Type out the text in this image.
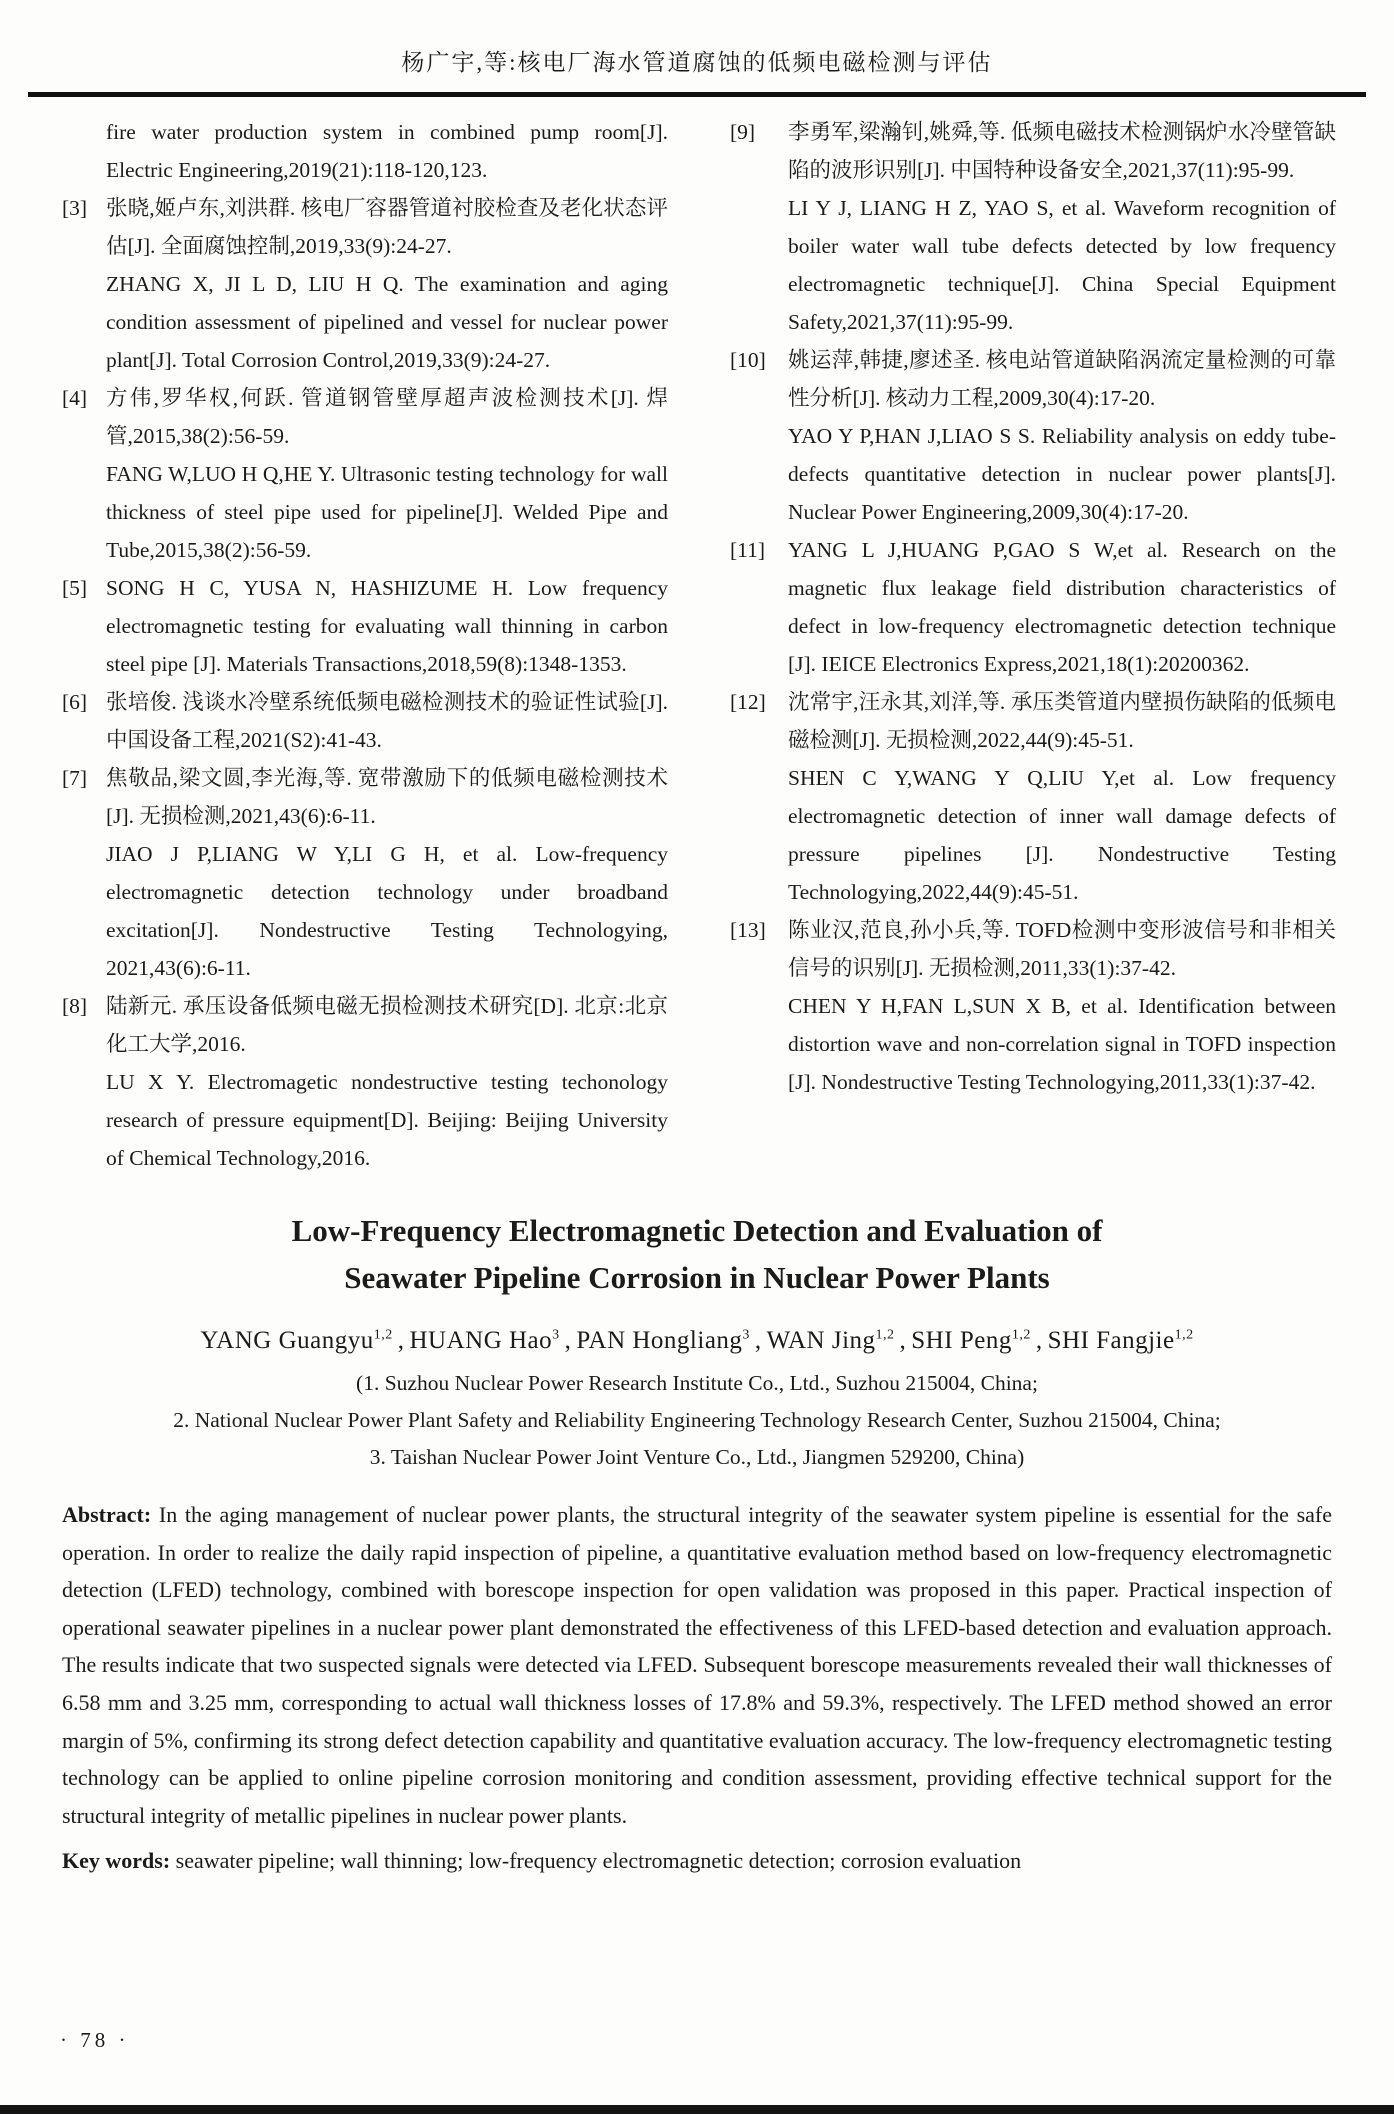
杨广宇,等:核电厂海水管道腐蚀的低频电磁检测与评估

fire water production system in combined pump room[J]. Electric Engineering,2019(21):118-120,123.

[3] 张晓,姬卢东,刘洪群. 核电厂容器管道衬胶检查及老化状态评估[J]. 全面腐蚀控制,2019,33(9):24-27.

ZHANG X, JI L D, LIU H Q. The examination and aging condition assessment of pipelined and vessel for nuclear power plant[J]. Total Corrosion Control,2019,33(9):24-27.

[4] 方伟,罗华权,何跃. 管道钢管壁厚超声波检测技术[J]. 焊管,2015,38(2):56-59.

FANG W,LUO H Q,HE Y. Ultrasonic testing technology for wall thickness of steel pipe used for pipeline[J]. Welded Pipe and Tube,2015,38(2):56-59.

[5] SONG H C, YUSA N, HASHIZUME H. Low frequency electromagnetic testing for evaluating wall thinning in carbon steel pipe [J]. Materials Transactions,2018,59(8):1348-1353.

[6] 张培俊. 浅谈水冷壁系统低频电磁检测技术的验证性试验[J]. 中国设备工程,2021(S2):41-43.

[7] 焦敬品,梁文圆,李光海,等. 宽带激励下的低频电磁检测技术[J]. 无损检测,2021,43(6):6-11.

JIAO J P,LIANG W Y,LI G H, et al. Low-frequency electromagnetic detection technology under broadband excitation[J]. Nondestructive Testing Technologying, 2021,43(6):6-11.

[8] 陆新元. 承压设备低频电磁无损检测技术研究[D]. 北京:北京化工大学,2016.

LU X Y. Electromagetic nondestructive testing techonology research of pressure equipment[D]. Beijing: Beijing University of Chemical Technology,2016.

[9] 李勇军,梁瀚钊,姚舜,等. 低频电磁技术检测锅炉水冷壁管缺陷的波形识别[J]. 中国特种设备安全,2021,37(11):95-99.

LI Y J, LIANG H Z, YAO S, et al. Waveform recognition of boiler water wall tube defects detected by low frequency electromagnetic technique[J]. China Special Equipment Safety,2021,37(11):95-99.

[10] 姚运萍,韩捷,廖述圣. 核电站管道缺陷涡流定量检测的可靠性分析[J]. 核动力工程,2009,30(4):17-20.

YAO Y P,HAN J,LIAO S S. Reliability analysis on eddy tube-defects quantitative detection in nuclear power plants[J]. Nuclear Power Engineering,2009,30(4):17-20.

[11] YANG L J,HUANG P,GAO S W,et al. Research on the magnetic flux leakage field distribution characteristics of defect in low-frequency electromagnetic detection technique [J]. IEICE Electronics Express,2021,18(1):20200362.

[12] 沈常宇,汪永其,刘洋,等. 承压类管道内壁损伤缺陷的低频电磁检测[J]. 无损检测,2022,44(9):45-51.

SHEN C Y,WANG Y Q,LIU Y,et al. Low frequency electromagnetic detection of inner wall damage defects of pressure pipelines [J]. Nondestructive Testing Technologying,2022,44(9):45-51.

[13] 陈业汉,范良,孙小兵,等. TOFD检测中变形波信号和非相关信号的识别[J]. 无损检测,2011,33(1):37-42.

CHEN Y H,FAN L,SUN X B, et al. Identification between distortion wave and non-correlation signal in TOFD inspection [J]. Nondestructive Testing Technologying,2011,33(1):37-42.

Low-Frequency Electromagnetic Detection and Evaluation of
Seawater Pipeline Corrosion in Nuclear Power Plants
YANG Guangyu$^{1,2}$ , HUANG Hao$^3$ , PAN Hongliang$^3$ , WAN Jing$^{1,2}$ , SHI Peng$^{1,2}$ , SHI Fangjie$^{1,2}$
(1. Suzhou Nuclear Power Research Institute Co., Ltd., Suzhou 215004, China;
2. National Nuclear Power Plant Safety and Reliability Engineering Technology Research Center, Suzhou 215004, China;
3. Taishan Nuclear Power Joint Venture Co., Ltd., Jiangmen 529200, China)

Abstract: In the aging management of nuclear power plants, the structural integrity of the seawater system pipeline is essential for the safe operation. In order to realize the daily rapid inspection of pipeline, a quantitative evaluation method based on low-frequency electromagnetic detection (LFED) technology, combined with borescope inspection for open validation was proposed in this paper. Practical inspection of operational seawater pipelines in a nuclear power plant demonstrated the effectiveness of this LFED-based detection and evaluation approach. The results indicate that two suspected signals were detected via LFED. Subsequent borescope measurements revealed their wall thicknesses of 6.58 mm and 3.25 mm, corresponding to actual wall thickness losses of 17.8% and 59.3%, respectively. The LFED method showed an error margin of 5%, confirming its strong defect detection capability and quantitative evaluation accuracy. The low-frequency electromagnetic testing technology can be applied to online pipeline corrosion monitoring and condition assessment, providing effective technical support for the structural integrity of metallic pipelines in nuclear power plants.

Key words: seawater pipeline; wall thinning; low-frequency electromagnetic detection; corrosion evaluation

· 78 ·
